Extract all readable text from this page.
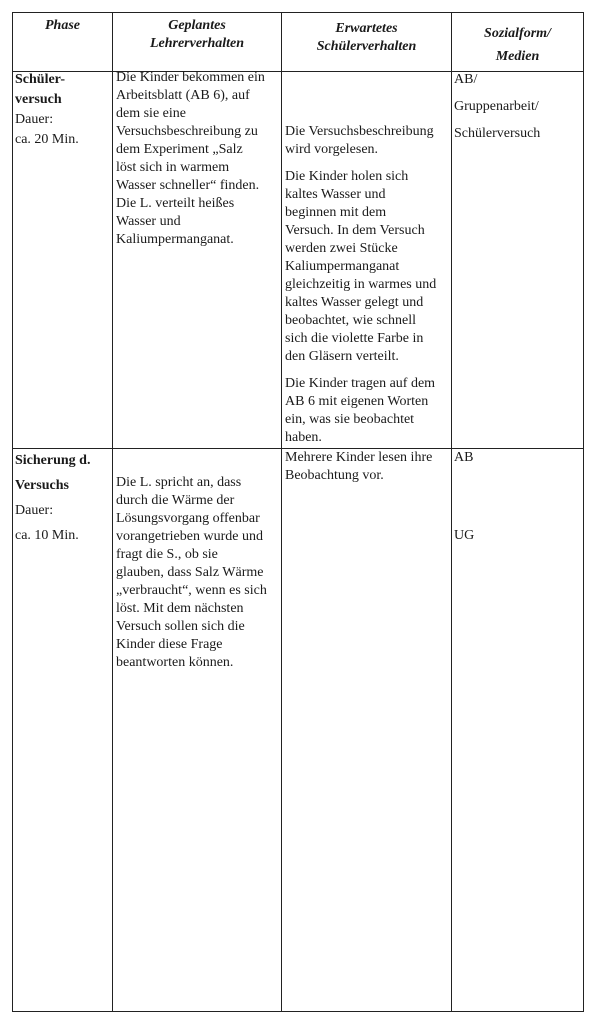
Phase	Geplantes
Lehrerverhalten
Erwartetes
Schülerverhalten
Sozialform/
Medien

Schüler-

versuch

Dauer:

ca. 20 Min.

Die Kinder bekommen ein

Arbeitsblatt (AB 6), auf

dem sie eine

Versuchsbeschreibung zu

dem Experiment „Salz

löst sich in warmem

Wasser schneller“ finden.

Die L. verteilt heißes

Wasser und

Kaliumpermanganat.

Die Versuchsbeschreibung

wird vorgelesen.

Die Kinder holen sich

kaltes Wasser und

beginnen mit dem

Versuch. In dem Versuch

werden zwei Stücke

Kaliumpermanganat

gleichzeitig in warmes und

kaltes Wasser gelegt und

beobachtet, wie schnell

sich die violette Farbe in

den Gläsern verteilt.

Die Kinder tragen auf dem

AB 6 mit eigenen Worten

ein, was sie beobachtet

haben.

AB/

Gruppenarbeit/

Schülerversuch

Sicherung d.

Versuchs

Dauer:

ca. 10 Min.

Die L. spricht an, dass

durch die Wärme der

Lösungsvorgang offenbar

vorangetrieben wurde und

fragt die S., ob sie

glauben, dass Salz Wärme

„verbraucht“, wenn es sich

löst. Mit dem nächsten

Versuch sollen sich die

Kinder diese Frage

beantworten können.

Mehrere Kinder lesen ihre

Beobachtung vor.

AB

UG
